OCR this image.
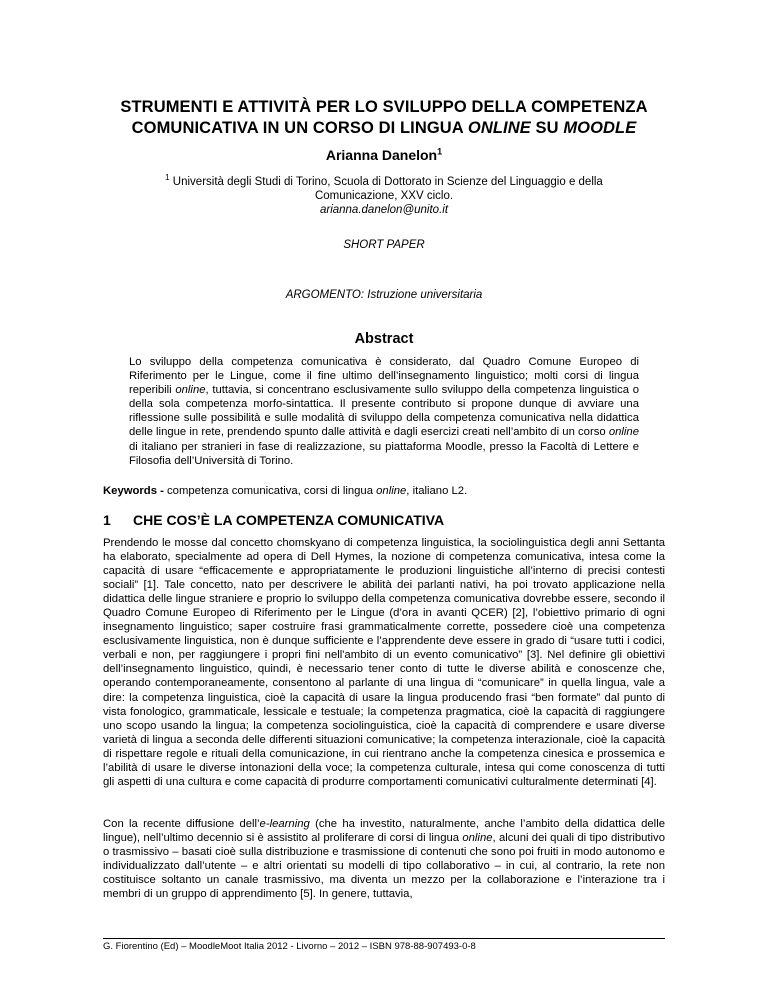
STRUMENTI E ATTIVITÀ PER LO SVILUPPO DELLA COMPETENZA
COMUNICATIVA IN UN CORSO DI LINGUA ONLINE SU MOODLE
Arianna Danelon$^1$
$^1$ Università degli Studi di Torino, Scuola di Dottorato in Scienze del Linguaggio e della
Comunicazione, XXV ciclo.
arianna.danelon@unito.it
SHORT PAPER
ARGOMENTO: Istruzione universitaria
Abstract
Lo sviluppo della competenza comunicativa è considerato, dal Quadro Comune Europeo di Riferimento per le Lingue, come il fine ultimo dell’insegnamento linguistico; molti corsi di lingua reperibili online, tuttavia, si concentrano esclusivamente sullo sviluppo della competenza linguistica o della sola competenza morfo-sintattica. Il presente contributo si propone dunque di avviare una riflessione sulle possibilità e sulle modalità di sviluppo della competenza comunicativa nella didattica delle lingue in rete, prendendo spunto dalle attività e dagli esercizi creati nell’ambito di un corso online di italiano per stranieri in fase di realizzazione, su piattaforma Moodle, presso la Facoltà di Lettere e Filosofia dell’Università di Torino.
Keywords - competenza comunicativa, corsi di lingua online, italiano L2.
1 CHE COS’È LA COMPETENZA COMUNICATIVA
Prendendo le mosse dal concetto chomskyano di competenza linguistica, la sociolinguistica degli anni Settanta ha elaborato, specialmente ad opera di Dell Hymes, la nozione di competenza comunicativa, intesa come la capacità di usare “efficacemente e appropriatamente le produzioni linguistiche all’interno di precisi contesti sociali” [1]. Tale concetto, nato per descrivere le abilità dei parlanti nativi, ha poi trovato applicazione nella didattica delle lingue straniere e proprio lo sviluppo della competenza comunicativa dovrebbe essere, secondo il Quadro Comune Europeo di Riferimento per le Lingue (d’ora in avanti QCER) [2], l’obiettivo primario di ogni insegnamento linguistico; saper costruire frasi grammaticalmente corrette, possedere cioè una competenza esclusivamente linguistica, non è dunque sufficiente e l’apprendente deve essere in grado di “usare tutti i codici, verbali e non, per raggiungere i propri fini nell'ambito di un evento comunicativo” [3]. Nel definire gli obiettivi dell’insegnamento linguistico, quindi, è necessario tener conto di tutte le diverse abilità e conoscenze che, operando contemporaneamente, consentono al parlante di una lingua di “comunicare” in quella lingua, vale a dire: la competenza linguistica, cioè la capacità di usare la lingua producendo frasi “ben formate” dal punto di vista fonologico, grammaticale, lessicale e testuale; la competenza pragmatica, cioè la capacità di raggiungere uno scopo usando la lingua; la competenza sociolinguistica, cioè la capacità di comprendere e usare diverse varietà di lingua a seconda delle differenti situazioni comunicative; la competenza interazionale, cioè la capacità di rispettare regole e rituali della comunicazione, in cui rientrano anche la competenza cinesica e prossemica e l’abilità di usare le diverse intonazioni della voce; la competenza culturale, intesa qui come conoscenza di tutti gli aspetti di una cultura e come capacità di produrre comportamenti comunicativi culturalmente determinati [4].
Con la recente diffusione dell’e-learning (che ha investito, naturalmente, anche l’ambito della didattica delle lingue), nell’ultimo decennio si è assistito al proliferare di corsi di lingua online, alcuni dei quali di tipo distributivo o trasmissivo – basati cioè sulla distribuzione e trasmissione di contenuti che sono poi fruiti in modo autonomo e individualizzato dall’utente – e altri orientati su modelli di tipo collaborativo – in cui, al contrario, la rete non costituisce soltanto un canale trasmissivo, ma diventa un mezzo per la collaborazione e l’interazione tra i membri di un gruppo di apprendimento [5]. In genere, tuttavia,
G. Fiorentino (Ed) – MoodleMoot Italia 2012 - Livorno – 2012 – ISBN 978-88-907493-0-8
